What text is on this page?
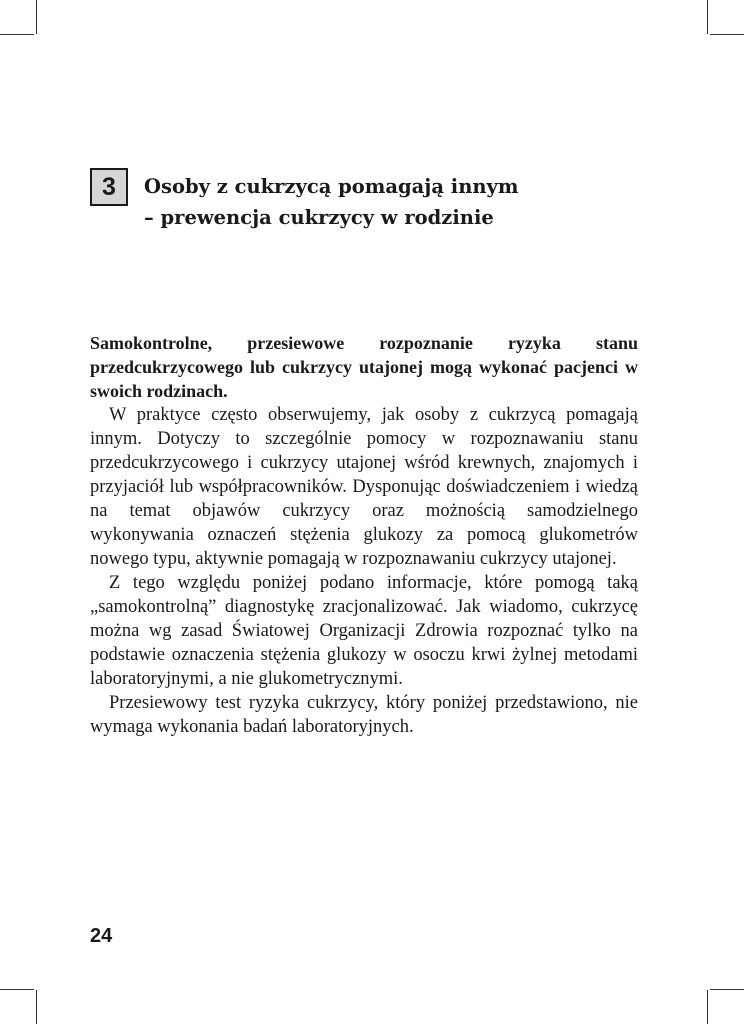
3 Osoby z cukrzycą pomagają innym
– prewencja cukrzycy w rodzinie

Samokontrolne, przesiewowe rozpoznanie ryzyka stanu przedcukrzycowego lub cukrzycy utajonej mogą wykonać pacjenci w swoich rodzinach.

W praktyce często obserwujemy, jak osoby z cukrzycą pomagają innym. Dotyczy to szczególnie pomocy w rozpoznawaniu stanu przedcukrzycowego i cukrzycy utajonej wśród krewnych, znajomych i przyjaciół lub współpracowników. Dysponując doświadczeniem i wiedzą na temat objawów cukrzycy oraz możnością samodzielnego wykonywania oznaczeń stężenia glukozy za pomocą glukometrów nowego typu, aktywnie pomagają w rozpoznawaniu cukrzycy utajonej.

Z tego względu poniżej podano informacje, które pomogą taką „samokontrolną” diagnostykę zracjonalizować. Jak wiadomo, cukrzycę można wg zasad Światowej Organizacji Zdrowia rozpoznać tylko na podstawie oznaczenia stężenia glukozy w osoczu krwi żylnej metodami laboratoryjnymi, a nie glukometrycznymi.

Przesiewowy test ryzyka cukrzycy, który poniżej przedstawiono, nie wymaga wykonania badań laboratoryjnych.

24
